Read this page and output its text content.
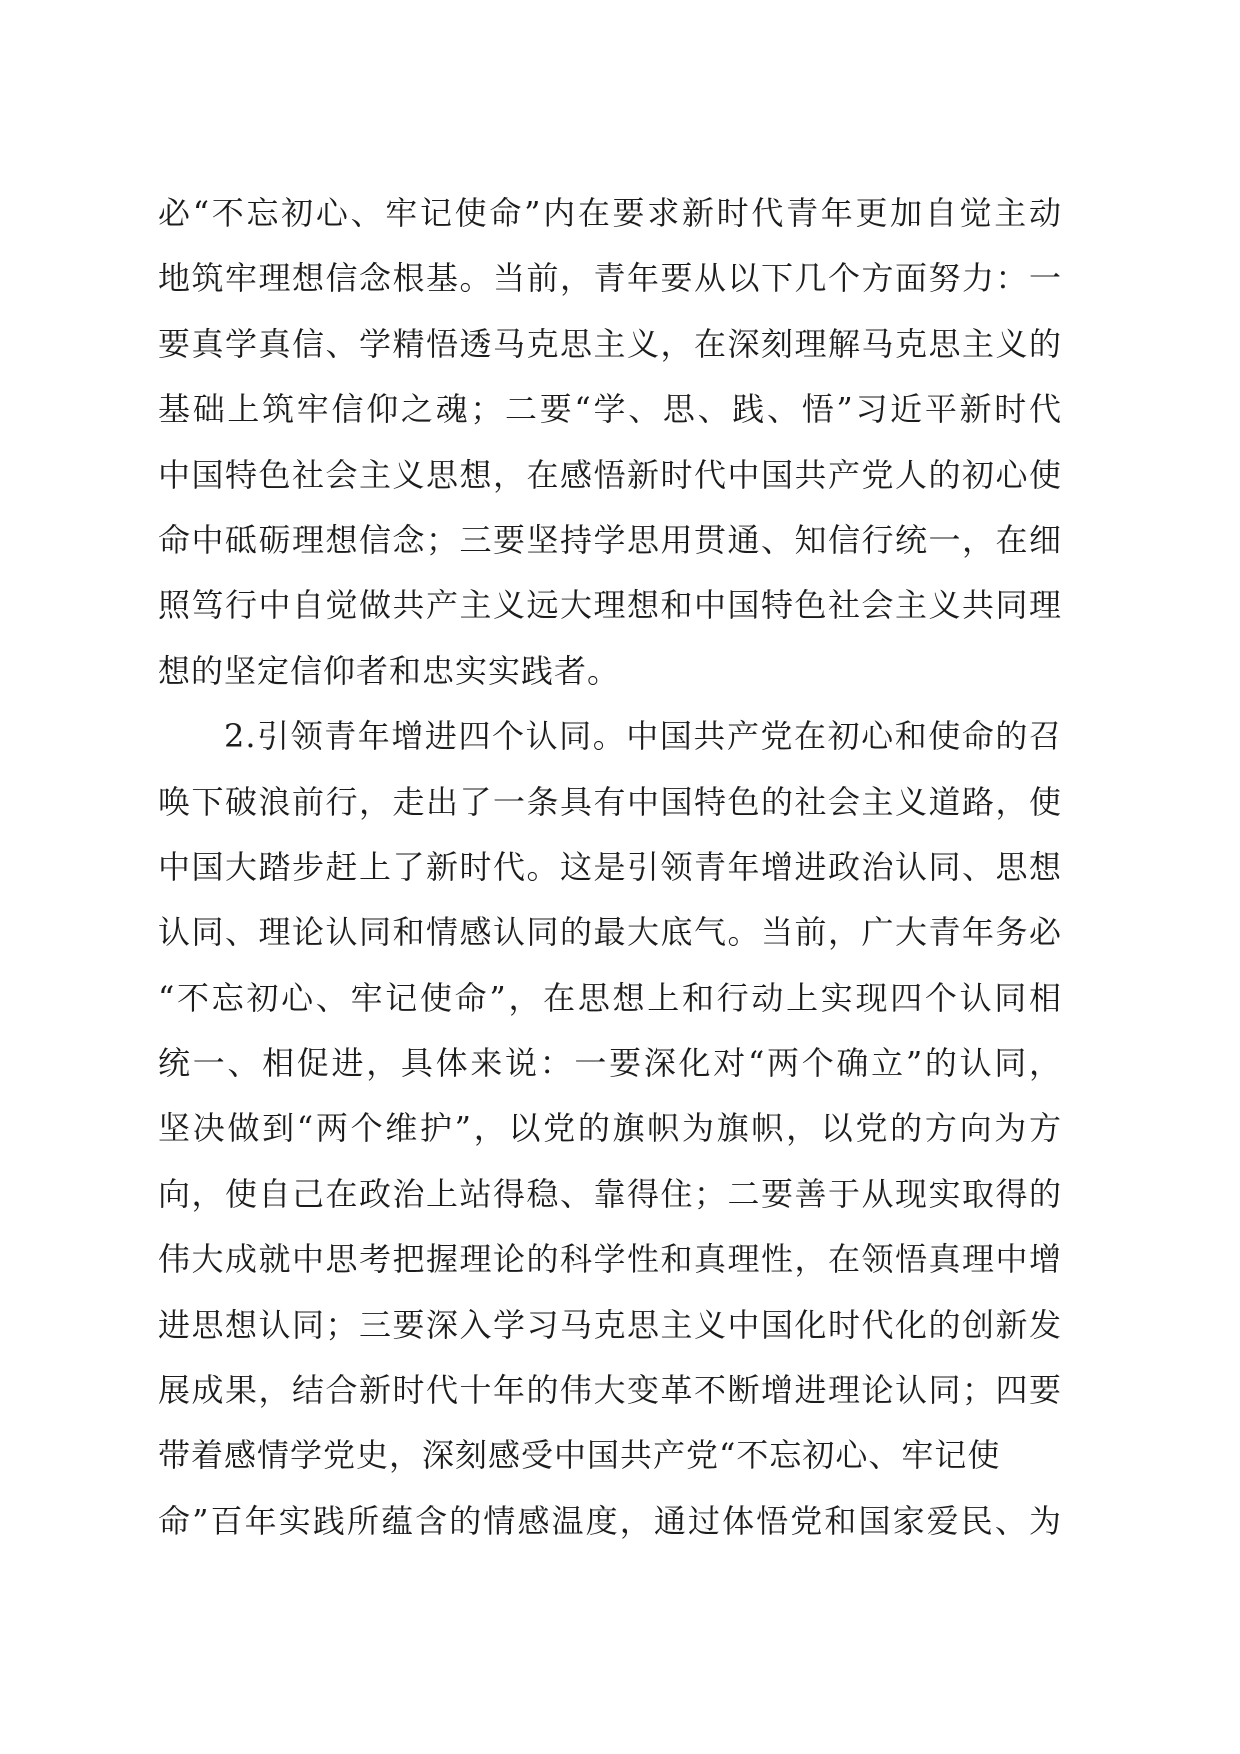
必“不忘初心、牢记使命”内在要求新时代青年更加自觉主动
地筑牢理想信念根基。当前，青年要从以下几个方面努力：一
要真学真信、学精悟透马克思主义，在深刻理解马克思主义的
基础上筑牢信仰之魂；二要“学、思、践、悟”习近平新时代
中国特色社会主义思想，在感悟新时代中国共产党人的初心使
命中砥砺理想信念；三要坚持学思用贯通、知信行统一，在细
照笃行中自觉做共产主义远大理想和中国特色社会主义共同理
想的坚定信仰者和忠实实践者。
2.引领青年增进四个认同。中国共产党在初心和使命的召
唤下破浪前行，走出了一条具有中国特色的社会主义道路，使
中国大踏步赶上了新时代。这是引领青年增进政治认同、思想
认同、理论认同和情感认同的最大底气。当前，广大青年务必
“不忘初心、牢记使命”，在思想上和行动上实现四个认同相
统一、相促进，具体来说：一要深化对“两个确立”的认同，
坚决做到“两个维护”，以党的旗帜为旗帜，以党的方向为方
向，使自己在政治上站得稳、靠得住；二要善于从现实取得的
伟大成就中思考把握理论的科学性和真理性，在领悟真理中增
进思想认同；三要深入学习马克思主义中国化时代化的创新发
展成果，结合新时代十年的伟大变革不断增进理论认同；四要
带着感情学党史，深刻感受中国共产党“不忘初心、牢记使
命”百年实践所蕴含的情感温度，通过体悟党和国家爱民、为
